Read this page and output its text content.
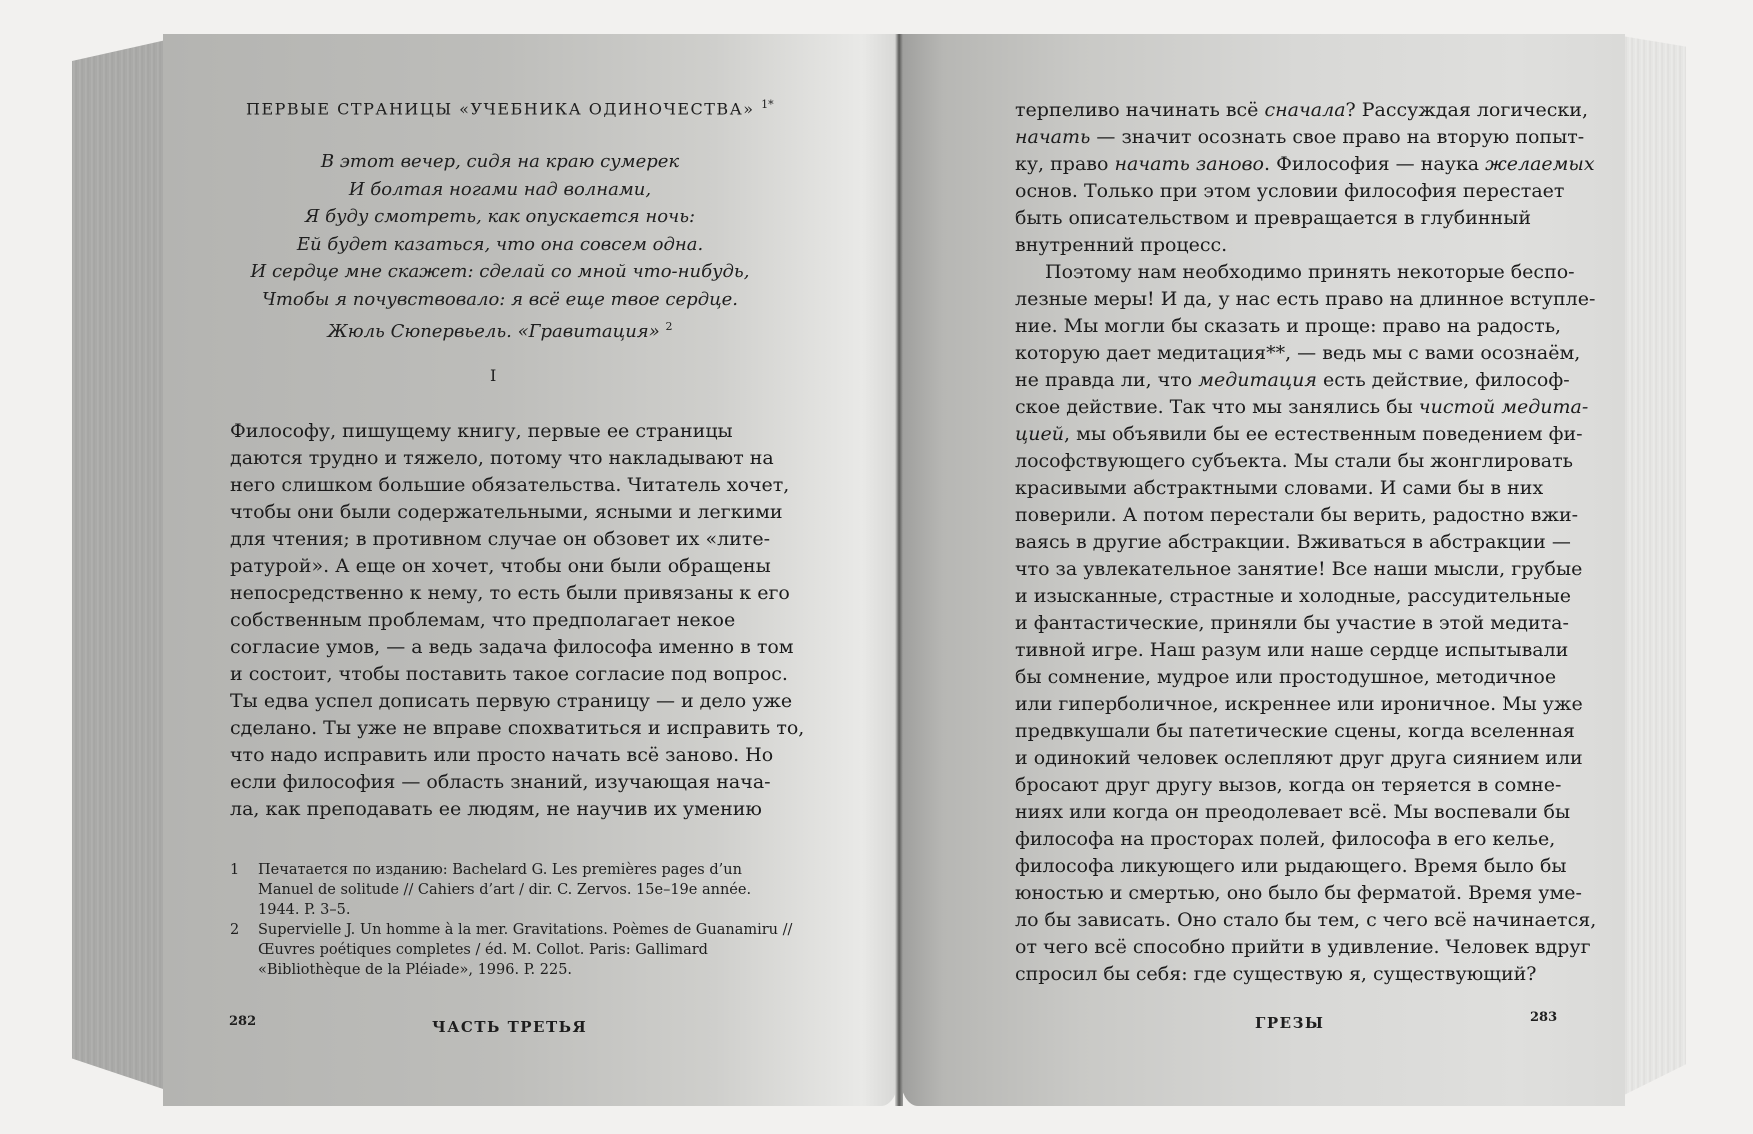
ПЕРВЫЕ СТРАНИЦЫ «УЧЕБНИКА ОДИНОЧЕСТВА» $^{1*}$
В этот вечер, сидя на краю сумерек
И болтая ногами над волнами,
Я буду смотреть, как опускается ночь:
Ей будет казаться, что она совсем одна.
И сердце мне скажет: сделай со мной что-нибудь,
Чтобы я почувствовало: я всё еще твое сердце.
Жюль Сюпервьель. «Гравитация» $^2$
I
Философу, пишущему книгу, первые ее страницы
даются трудно и тяжело, потому что накладывают на
него слишком большие обязательства. Читатель хочет,
чтобы они были содержательными, ясными и легкими
для чтения; в противном случае он обзовет их «лите-
ратурой». А еще он хочет, чтобы они были обращены
непосредственно к нему, то есть были привязаны к его
собственным проблемам, что предполагает некое
согласие умов, — а ведь задача философа именно в том
и состоит, чтобы поставить такое согласие под вопрос.
Ты едва успел дописать первую страницу — и дело уже
сделано. Ты уже не вправе спохватиться и исправить то,
что надо исправить или просто начать всё заново. Но
если философия — область знаний, изучающая нача-
ла, как преподавать ее людям, не научив их умению
1	Печатается по изданию: Bachelard G. Les premières pages d’un
Manuel de solitude // Cahiers d’art / dir. C. Zervos. 15e–19e année.
1944. P. 3–5.
2	Supervielle J. Un homme à la mer. Gravitations. Poèmes de Guanamiru //
Œuvres poétiques completes / éd. M. Collot. Paris: Gallimard
«Bibliothèque de la Pléiade», 1996. P. 225.
282	ЧАСТЬ ТРЕТЬЯ
терпеливо начинать всё сначала? Рассуждая логически,
начать — значит осознать свое право на вторую попыт-
ку, право начать заново. Философия — наука желаемых
основ. Только при этом условии философия перестает
быть описательством и превращается в глубинный
внутренний процесс.
Поэтому нам необходимо принять некоторые беспо-
лезные меры! И да, у нас есть право на длинное вступле-
ние. Мы могли бы сказать и проще: право на радость,
которую дает медитация**, — ведь мы с вами осознаём,
не правда ли, что медитация есть действие, философ-
ское действие. Так что мы занялись бы чистой медита-
цией, мы объявили бы ее естественным поведением фи-
лософствующего субъекта. Мы стали бы жонглировать
красивыми абстрактными словами. И сами бы в них
поверили. А потом перестали бы верить, радостно вжи-
ваясь в другие абстракции. Вживаться в абстракции —
что за увлекательное занятие! Все наши мысли, грубые
и изысканные, страстные и холодные, рассудительные
и фантастические, приняли бы участие в этой медита-
тивной игре. Наш разум или наше сердце испытывали
бы сомнение, мудрое или простодушное, методичное
или гиперболичное, искреннее или ироничное. Мы уже
предвкушали бы патетические сцены, когда вселенная
и одинокий человек ослепляют друг друга сиянием или
бросают друг другу вызов, когда он теряется в сомне-
ниях или когда он преодолевает всё. Мы воспевали бы
философа на просторах полей, философа в его келье,
философа ликующего или рыдающего. Время было бы
юностью и смертью, оно было бы ферматой. Время уме-
ло бы зависать. Оно стало бы тем, с чего всё начинается,
от чего всё способно прийти в удивление. Человек вдруг
спросил бы себя: где существую я, существующий?
ГРЕЗЫ	283
